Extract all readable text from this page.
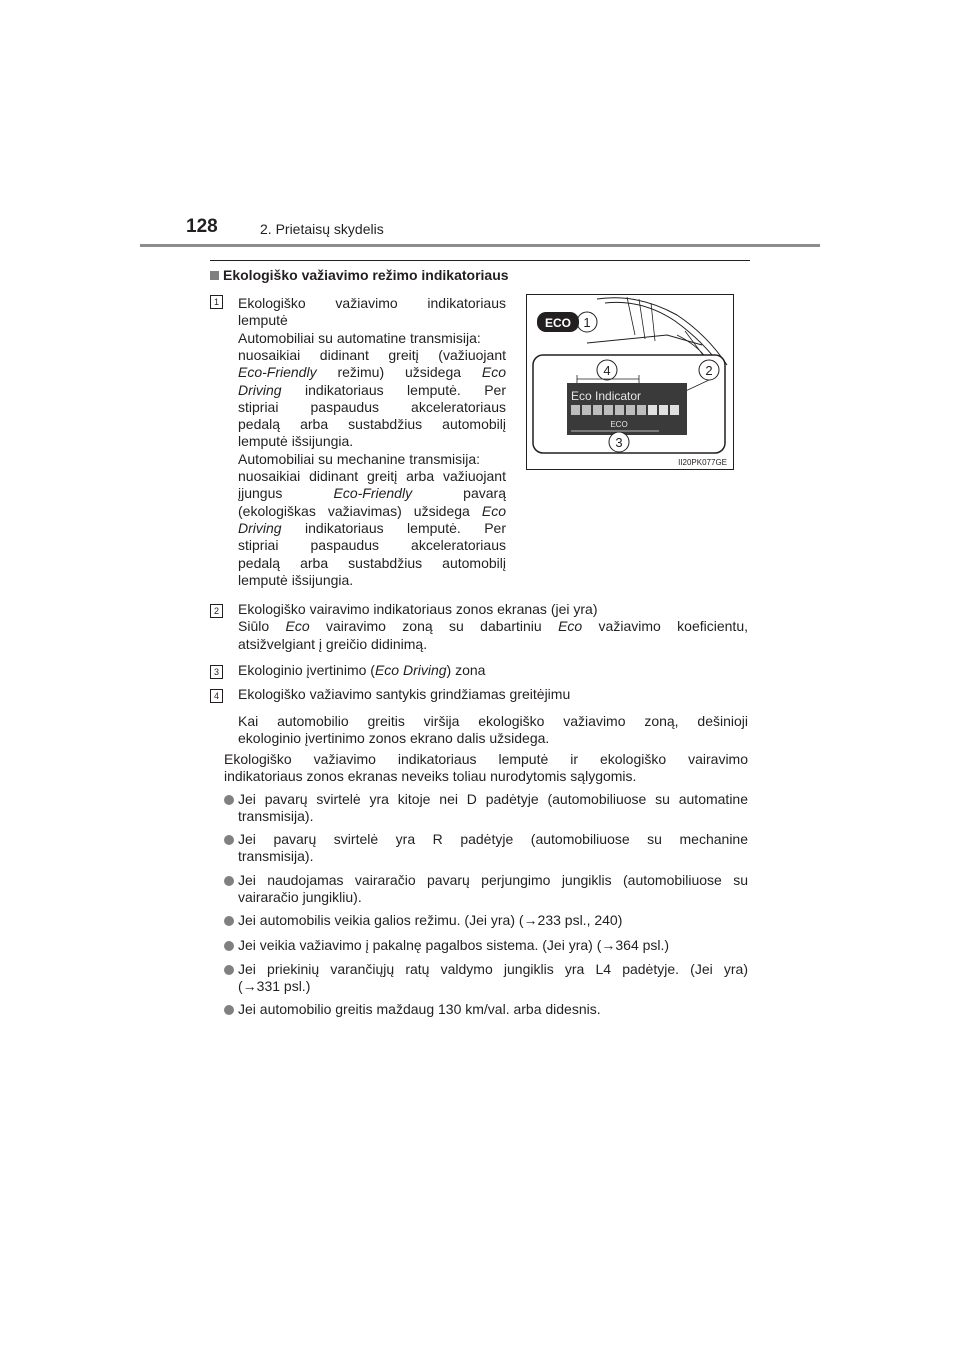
128	2. Prietaisų skydelis
Ekologiško važiavimo režimo indikatoriaus
1 Ekologiško važiavimo indikatoriaus
lemputė
Automobiliai su automatine transmisija:
nuosaikiai didinant greitį (važiuojant
Eco-Friendly režimu) užsidega Eco
Driving indikatoriaus lemputė. Per
stipriai paspaudus akceleratoriaus
pedalą arba sustabdžius automobilį
lemputė išsijungia.
Automobiliai su mechanine transmisija:
nuosaikiai didinant greitį arba važiuojant
įjungus Eco-Friendly pavarą
(ekologiškas važiavimas) užsidega Eco
Driving indikatoriaus lemputė. Per
stipriai paspaudus akceleratoriaus
pedalą arba sustabdžius automobilį
lemputė išsijungia.
ECO 1
4	2
Eco Indicator
ECO
3
II20PK077GE
2 Ekologiško vairavimo indikatoriaus zonos ekranas (jei yra)
Siūlo Eco vairavimo zoną su dabartiniu Eco važiavimo koeficientu,
atsižvelgiant į greičio didinimą.
3 Ekologinio įvertinimo (Eco Driving) zona
4 Ekologiško važiavimo santykis grindžiamas greitėjimu
Kai automobilio greitis viršija ekologiško važiavimo zoną, dešinioji
ekologinio įvertinimo zonos ekrano dalis užsidega.
Ekologiško važiavimo indikatoriaus lemputė ir ekologiško vairavimo
indikatoriaus zonos ekranas neveiks toliau nurodytomis sąlygomis.
Jei pavarų svirtelė yra kitoje nei D padėtyje (automobiliuose su automatine
transmisija).
Jei pavarų svirtelė yra R padėtyje (automobiliuose su mechanine
transmisija).
Jei naudojamas vairaračio pavarų perjungimo jungiklis (automobiliuose su
vairaračio jungikliu).
Jei automobilis veikia galios režimu. (Jei yra) (→233 psl., 240)
Jei veikia važiavimo į pakalnę pagalbos sistema. (Jei yra) (→364 psl.)
Jei priekinių varančiųjų ratų valdymo jungiklis yra L4 padėtyje. (Jei yra)
(→331 psl.)
Jei automobilio greitis maždaug 130 km/val. arba didesnis.
